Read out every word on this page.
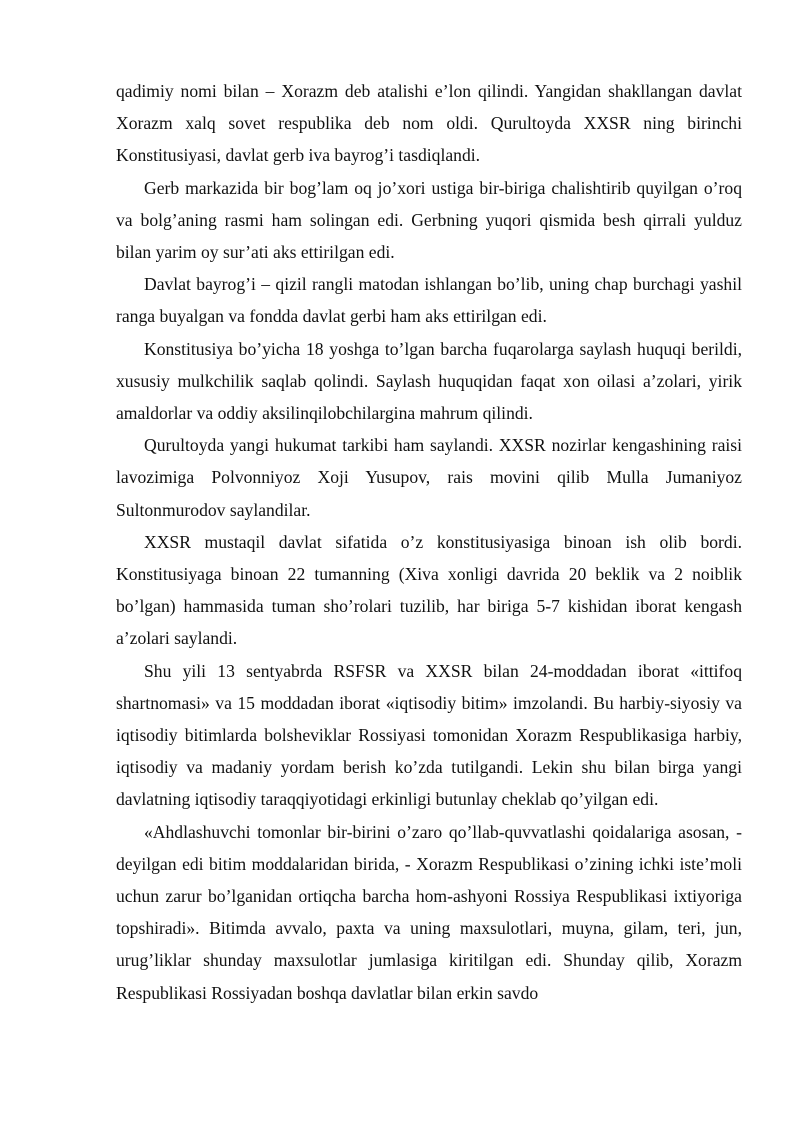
qadimiy nomi bilan – Xorazm deb atalishi e’lon qilindi. Yangidan shakllangan davlat Xorazm xalq sovet respublika deb nom oldi. Qurultoyda XXSR ning birinchi Konstitusiyasi, davlat gerb iva bayrog’i tasdiqlandi.

Gerb markazida bir bog’lam oq jo’xori ustiga bir-biriga chalishtirib quyilgan o’roq va bolg’aning rasmi ham solingan edi. Gerbning yuqori qismida besh qirrali yulduz bilan yarim oy sur’ati aks ettirilgan edi.

Davlat bayrog’i – qizil rangli matodan ishlangan bo’lib, uning chap burchagi yashil ranga buyalgan va fondda davlat gerbi ham aks ettirilgan edi.

Konstitusiya bo’yicha 18 yoshga to’lgan barcha fuqarolarga saylash huquqi berildi, xususiy mulkchilik saqlab qolindi. Saylash huquqidan faqat xon oilasi a’zolari, yirik amaldorlar va oddiy aksilinqilobchilargina mahrum qilindi.

Qurultoyda yangi hukumat tarkibi ham saylandi. XXSR nozirlar kengashining raisi lavozimiga Polvonniyoz Xoji Yusupov, rais movini qilib Mulla Jumaniyoz Sultonmurodov saylandilar.

XXSR mustaqil davlat sifatida o’z konstitusiyasiga binoan ish olib bordi. Konstitusiyaga binoan 22 tumanning (Xiva xonligi davrida 20 beklik va 2 noiblik bo’lgan) hammasida tuman sho’rolari tuzilib, har biriga 5-7 kishidan iborat kengash a’zolari saylandi.

Shu yili 13 sentyabrda RSFSR va XXSR bilan 24-moddadan iborat «ittifoq shartnomasi» va 15 moddadan iborat «iqtisodiy bitim» imzolandi. Bu harbiy-siyosiy va iqtisodiy bitimlarda bolsheviklar Rossiyasi tomonidan Xorazm Respublikasiga harbiy, iqtisodiy va madaniy yordam berish ko’zda tutilgandi. Lekin shu bilan birga yangi davlatning iqtisodiy taraqqiyotidagi erkinligi butunlay cheklab qo’yilgan edi.

«Ahdlashuvchi tomonlar bir-birini o’zaro qo’llab-quvvatlashi qoidalariga asosan, - deyilgan edi bitim moddalaridan birida, - Xorazm Respublikasi o’zining ichki iste’moli uchun zarur bo’lganidan ortiqcha barcha hom-ashyoni Rossiya Respublikasi ixtiyoriga topshiradi». Bitimda avvalo, paxta va uning maxsulotlari, muyna, gilam, teri, jun, urug’liklar shunday maxsulotlar jumlasiga kiritilgan edi. Shunday qilib, Xorazm Respublikasi Rossiyadan boshqa davlatlar bilan erkin savdo
